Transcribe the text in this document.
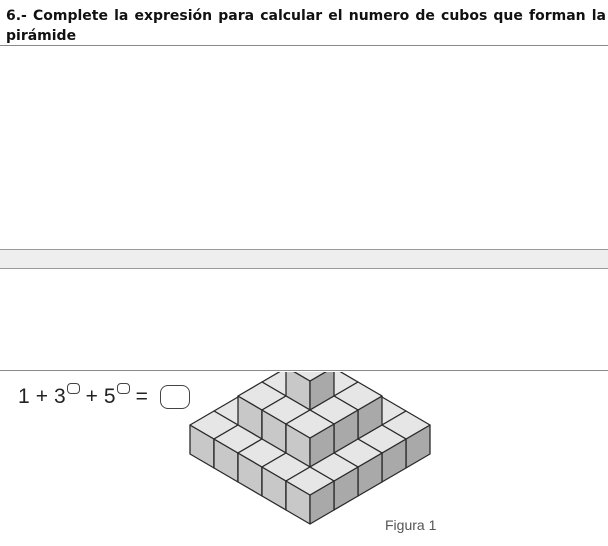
6.- Complete la expresión para calcular el numero de cubos que forman la pirámide
1 + 3 + 5 =
Figura 1
